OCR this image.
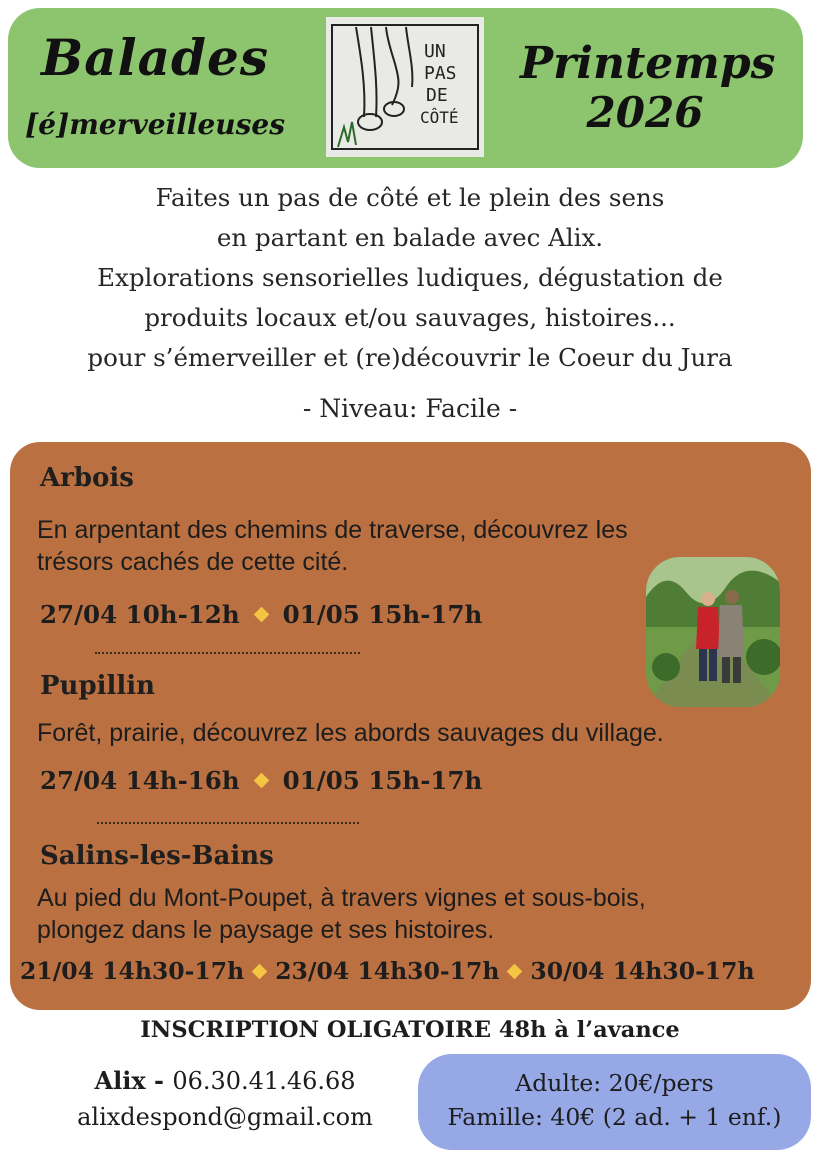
Balades
[é]merveilleuses
Printemps
2026
UN
PAS
DE
CÔTÉ
Faites un pas de côté et le plein des sens
en partant en balade avec Alix.
Explorations sensorielles ludiques, dégustation de
produits locaux et/ou sauvages, histoires...
pour s’émerveiller et (re)découvrir le Coeur du Jura
- Niveau: Facile -
Arbois
En arpentant des chemins de traverse, découvrez les
trésors cachés de cette cité.
27/04 10h-12h 01/05 15h-17h
Pupillin
Forêt, prairie, découvrez les abords sauvages du village.
27/04 14h-16h 01/05 15h-17h
Salins-les-Bains
Au pied du Mont-Poupet, à travers vignes et sous-bois,
plongez dans le paysage et ses histoires.
21/04 14h30-17h 23/04 14h30-17h 30/04 14h30-17h
INSCRIPTION OLIGATOIRE 48h à l’avance
Alix - 06.30.41.46.68
alixdespond@gmail.com
Adulte: 20€/pers
Famille: 40€ (2 ad. + 1 enf.)
